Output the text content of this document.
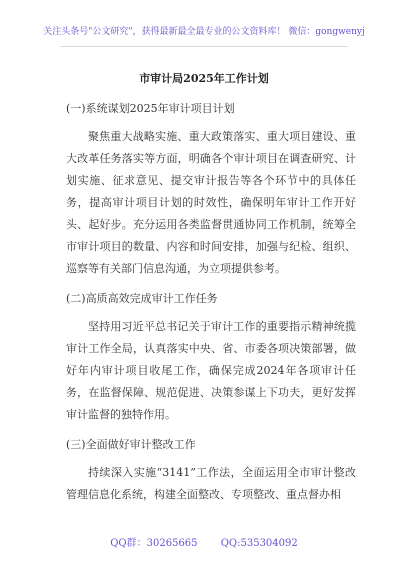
关注头条号"公文研究"，获得最新最全最专业的公文资料库！ 微信：gongwenyj
市审计局2025年工作计划
(一)系统谋划2025年审计项目计划
聚焦重大战略实施、重大政策落实、重大项目建设、重大改革任务落实等方面，明确各个审计项目在调查研究、计划实施、征求意见、提交审计报告等各个环节中的具体任务，提高审计项目计划的时效性，确保明年审计工作开好头、起好步。充分运用各类监督贯通协同工作机制，统筹全市审计项目的数量、内容和时间安排，加强与纪检、组织、巡察等有关部门信息沟通，为立项提供参考。
(二)高质高效完成审计工作任务
坚持用习近平总书记关于审计工作的重要指示精神统揽审计工作全局，认真落实中央、省、市委各项决策部署，做好年内审计项目收尾工作，确保完成2024年各项审计任务，在监督保障、规范促进、决策参谋上下功夫，更好发挥审计监督的独特作用。
(三)全面做好审计整改工作
持续深入实施“3141”工作法，全面运用全市审计整改管理信息化系统，构建全面整改、专项整改、重点督办相
QQ群：30265665 QQ:535304092
